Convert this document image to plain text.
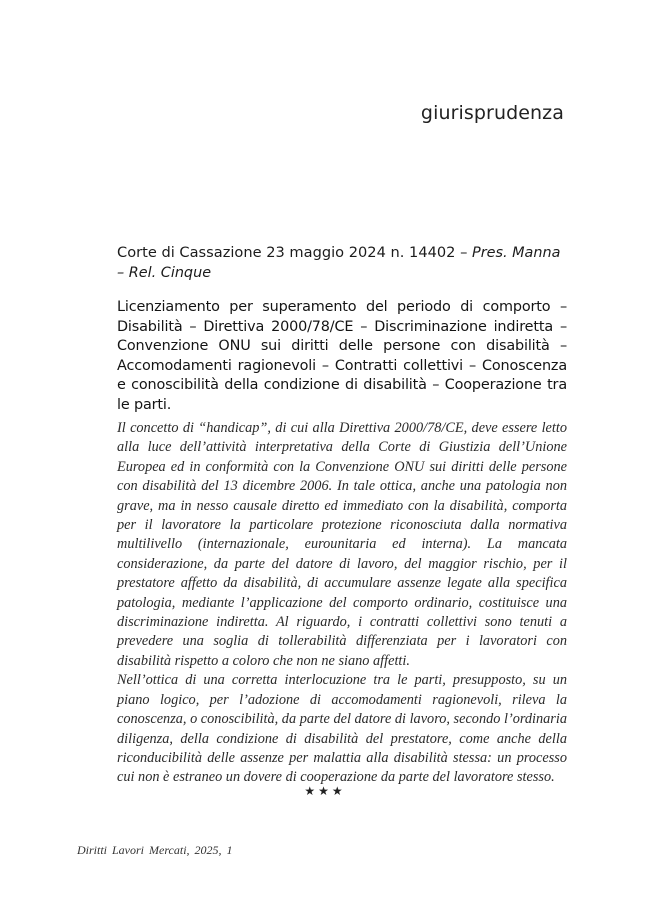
giurisprudenza
Corte di Cassazione 23 maggio 2024 n. 14402 – Pres. Manna – Rel. Cinque
Licenziamento per superamento del periodo di comporto – Disabilità – Direttiva 2000/78/CE – Discriminazione indiretta – Convenzione ONU sui diritti delle persone con disabilità – Accomodamenti ragionevoli – Contratti collettivi – Conoscenza e conoscibilità della condizione di disabilità – Cooperazione tra le parti.

Il concetto di “handicap”, di cui alla Direttiva 2000/78/CE, deve essere letto alla luce dell’attività interpretativa della Corte di Giustizia dell’Unione Europea ed in conformità con la Convenzione ONU sui diritti delle persone con disabilità del 13 dicembre 2006. In tale ottica, anche una patologia non grave, ma in nesso causale diretto ed immediato con la disabilità, comporta per il lavoratore la particolare protezione riconosciuta dalla normativa multilivello (internazionale, eurounitaria ed interna). La mancata considerazione, da parte del datore di lavoro, del maggior rischio, per il prestatore affetto da disabilità, di accumulare assenze legate alla specifica patologia, mediante l’applicazione del comporto ordinario, costituisce una discriminazione indiretta. Al riguardo, i contratti collettivi sono tenuti a prevedere una soglia di tollerabilità differenziata per i lavoratori con disabilità rispetto a coloro che non ne siano affetti.

Nell’ottica di una corretta interlocuzione tra le parti, presupposto, su un piano logico, per l’adozione di accomodamenti ragionevoli, rileva la conoscenza, o conoscibilità, da parte del datore di lavoro, secondo l’ordinaria diligenza, della condizione di disabilità del prestatore, come anche della riconducibilità delle assenze per malattia alla disabilità stessa: un processo cui non è estraneo un dovere di cooperazione da parte del lavoratore stesso.

★★★
Diritti Lavori Mercati, 2025, 1
